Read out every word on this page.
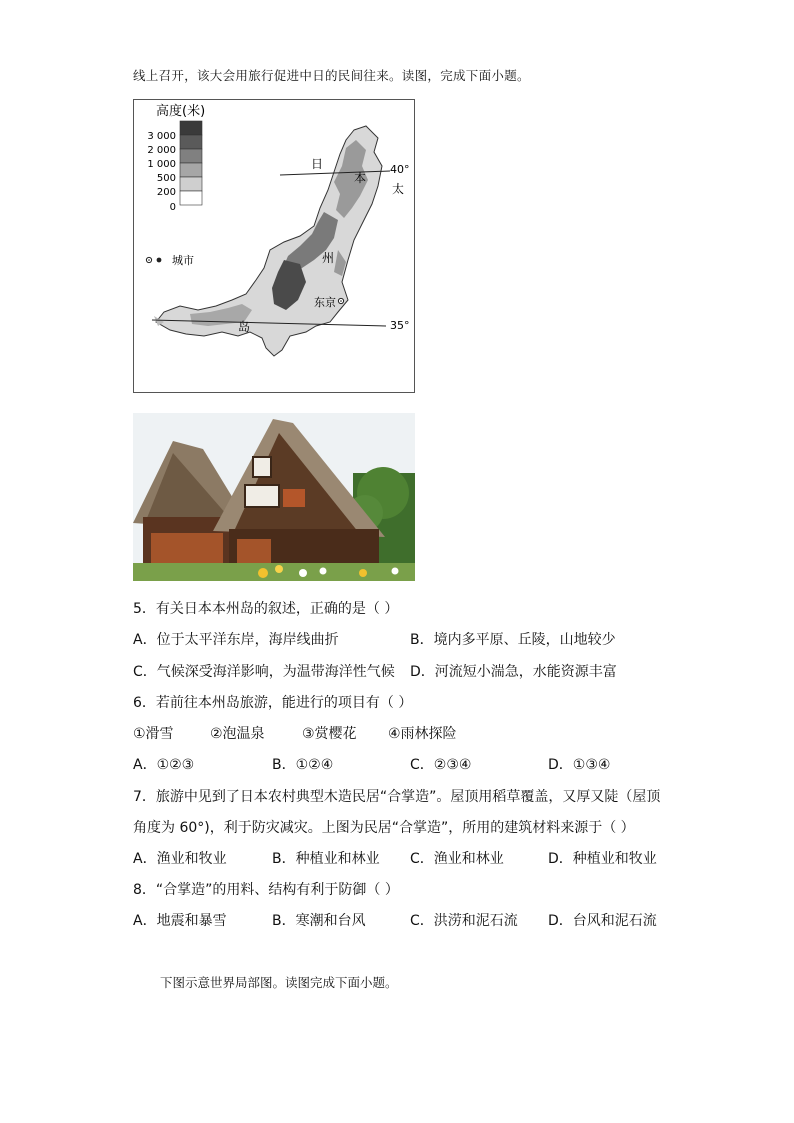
线上召开，该大会用旅行促进中日的民间往来。读图，完成下面小题。
高度(米)
3 000
2 000
1 000
500
200
0
城市
40°
35°
日
本
太
州
岛
东京
5．有关日本本州岛的叙述，正确的是（ ）
A．位于太平洋东岸，海岸线曲折	B．境内多平原、丘陵，山地较少
C．气候深受海洋影响，为温带海洋性气候 D．河流短小湍急，水能资源丰富
6．若前往本州岛旅游，能进行的项目有（ ）
①滑雪	②泡温泉	③赏樱花 ④雨林探险
A．①②③	B．①②④	C．②③④	D．①③④
7．旅游中见到了日本农村典型木造民居“合掌造”。屋顶用稻草覆盖，又厚又陡（屋顶
角度为 60°)，利于防灾减灾。上图为民居“合掌造”，所用的建筑材料来源于（ ）
A．渔业和牧业	B．种植业和林业 C．渔业和林业	D．种植业和牧业
8．“合掌造”的用料、结构有利于防御（ ）
A．地震和暴雪	B．寒潮和台风	C．洪涝和泥石流 D．台风和泥石流
下图示意世界局部图。读图完成下面小题。
